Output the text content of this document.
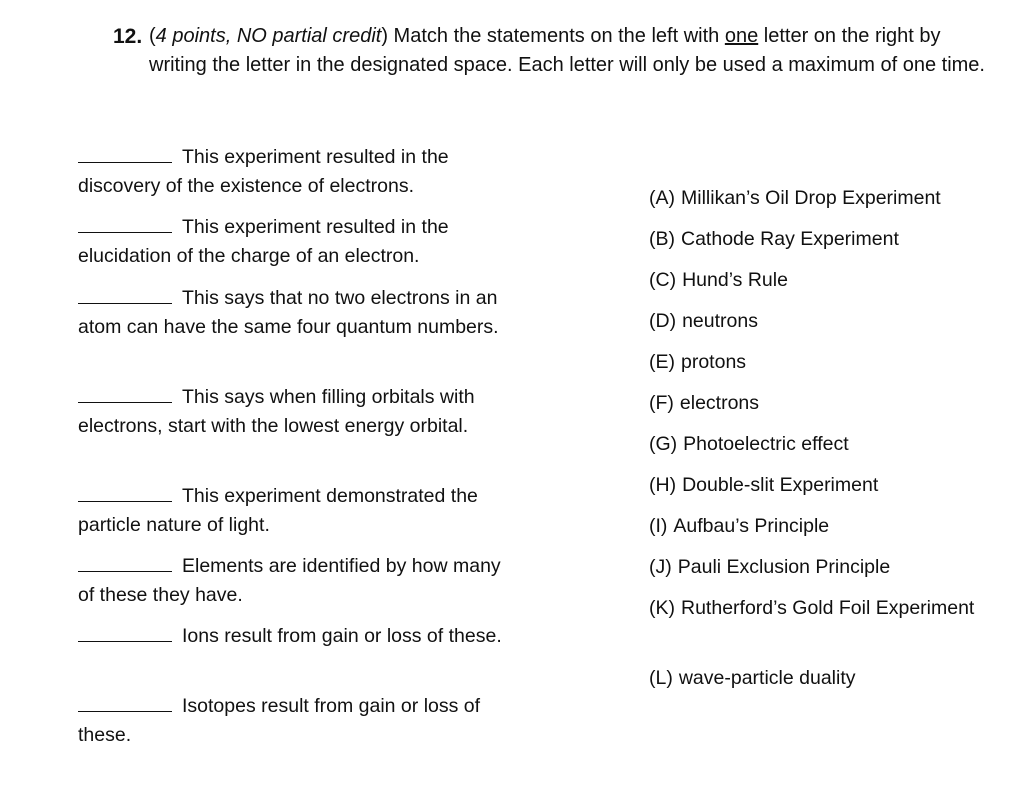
12. (4 points, NO partial credit) Match the statements on the left with one letter on the right by writing the letter in the designated space. Each letter will only be used a maximum of one time.
This experiment resulted in the discovery of the existence of electrons.
This experiment resulted in the elucidation of the charge of an electron.
This says that no two electrons in an atom can have the same four quantum numbers.
This says when filling orbitals with electrons, start with the lowest energy orbital.
This experiment demonstrated the particle nature of light.
Elements are identified by how many of these they have.
Ions result from gain or loss of these.
Isotopes result from gain or loss of these.
(A) Millikan’s Oil Drop Experiment
(B) Cathode Ray Experiment
(C) Hund’s Rule
(D) neutrons
(E) protons
(F) electrons
(G) Photoelectric effect
(H) Double-slit Experiment
(I) Aufbau’s Principle
(J) Pauli Exclusion Principle
(K) Rutherford’s Gold Foil Experiment
(L) wave-particle duality
